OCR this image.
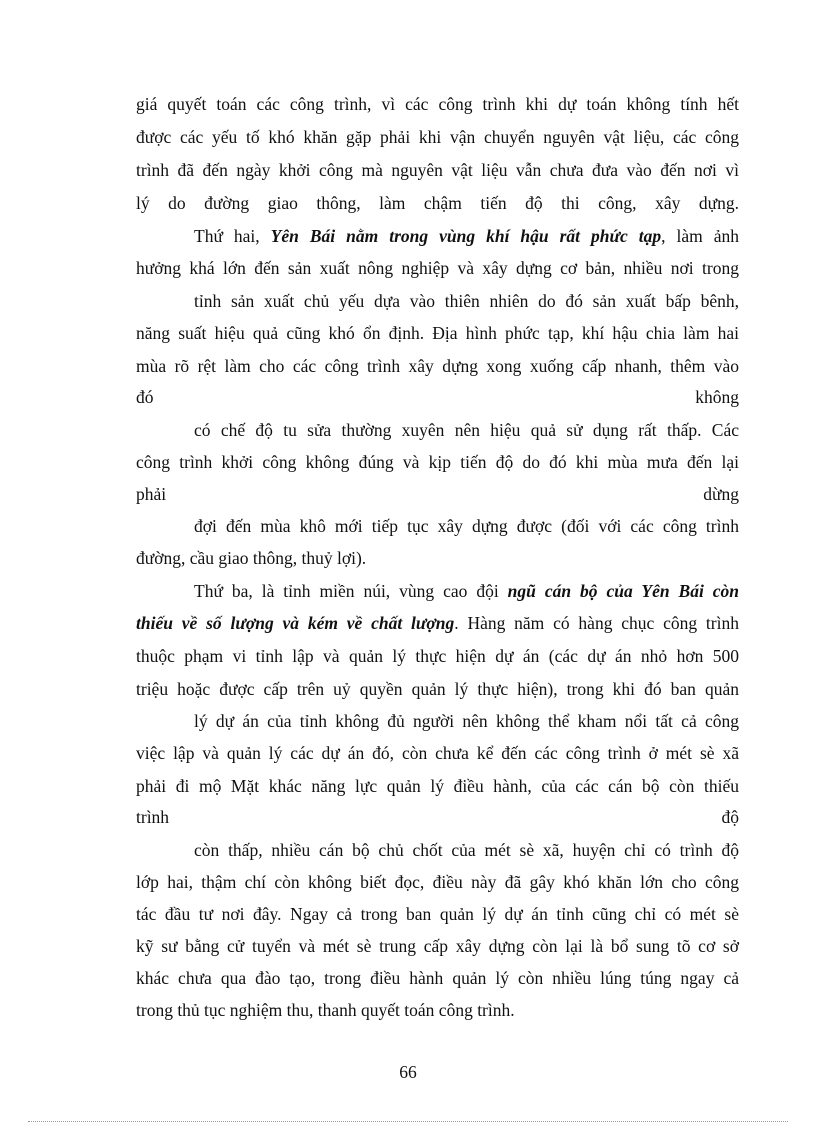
giá quyết toán các công trình, vì các công trình khi dự toán không tính hết
được các yếu tố khó khăn gặp phải khi vận chuyển nguyên vật liệu, các công
trình đã đến ngày khởi công mà nguyên vật liệu vẫn chưa đưa vào đến nơi vì
lý do đường giao thông, làm chậm tiến độ thi công, xây dựng.
Thứ hai, Yên Bái nằm trong vùng khí hậu rất phức tạp, làm ảnh
hưởng khá lớn đến sản xuất nông nghiệp và xây dựng cơ bản, nhiều nơi trong
tỉnh sản xuất chủ yếu dựa vào thiên nhiên do đó sản xuất bấp bênh,
năng suất hiệu quả cũng khó ổn định. Địa hình phức tạp, khí hậu chia làm hai
mùa rõ rệt làm cho các công trình xây dựng xong xuống cấp nhanh, thêm vào
đó	không
có chế độ tu sửa thường xuyên nên hiệu quả sử dụng rất thấp. Các
công trình khởi công không đúng và kịp tiến độ do đó khi mùa mưa đến lại
phải	dừng
đợi đến mùa khô mới tiếp tục xây dựng được (đối với các công trình
đường, cầu giao thông, thuỷ lợi).
Thứ ba, là tỉnh miền núi, vùng cao đội ngũ cán bộ của Yên Bái còn
thiếu về số lượng và kém về chất lượng. Hàng năm có hàng chục công trình
thuộc phạm vi tỉnh lập và quản lý thực hiện dự án (các dự án nhỏ hơn 500
triệu hoặc được cấp trên uỷ quyền quản lý thực hiện), trong khi đó ban quản
lý dự án của tỉnh không đủ người nên không thể kham nổi tất cả công
việc lập và quản lý các dự án đó, còn chưa kể đến các công trình ở mét sè xã
phải đi mộ Mặt khác năng lực quản lý điều hành, của các cán bộ còn thiếu
trình	độ
còn thấp, nhiều cán bộ chủ chốt của mét sè xã, huyện chỉ có trình độ
lớp hai, thậm chí còn không biết đọc, điều này đã gây khó khăn lớn cho công
tác đầu tư nơi đây. Ngay cả trong ban quản lý dự án tỉnh cũng chỉ có mét sè
kỹ sư bằng cử tuyển và mét sè trung cấp xây dựng còn lại là bổ sung tõ cơ sở
khác chưa qua đào tạo, trong điều hành quản lý còn nhiều lúng túng ngay cả
trong thủ tục nghiệm thu, thanh quyết toán công trình.
66
